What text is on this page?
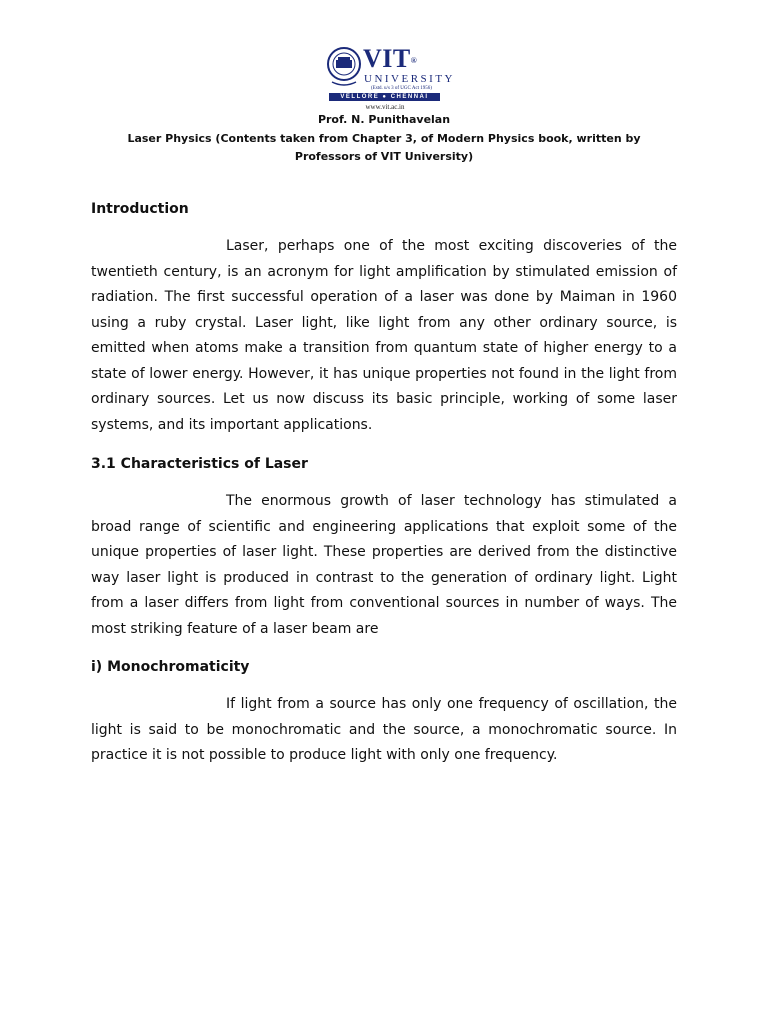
VIT®
UNIVERSITY
(Estd. u/s 3 of UGC Act 1956)
VELLORE ● CHENNAI
www.vit.ac.in
Prof. N. Punithavelan
Laser Physics (Contents taken from Chapter 3, of Modern Physics book, written by Professors of VIT University)
Introduction

Laser, perhaps one of the most exciting discoveries of the twentieth century, is an acronym for light amplification by stimulated emission of radiation. The first successful operation of a laser was done by Maiman in 1960 using a ruby crystal. Laser light, like light from any other ordinary source, is emitted when atoms make a transition from quantum state of higher energy to a state of lower energy. However, it has unique properties not found in the light from ordinary sources. Let us now discuss its basic principle, working of some laser systems, and its important applications.

3.1 Characteristics of Laser

The enormous growth of laser technology has stimulated a broad range of scientific and engineering applications that exploit some of the unique properties of laser light. These properties are derived from the distinctive way laser light is produced in contrast to the generation of ordinary light. Light from a laser differs from light from conventional sources in number of ways. The most striking feature of a laser beam are

i) Monochromaticity

If light from a source has only one frequency of oscillation, the light is said to be monochromatic and the source, a monochromatic source. In practice it is not possible to produce light with only one frequency.
